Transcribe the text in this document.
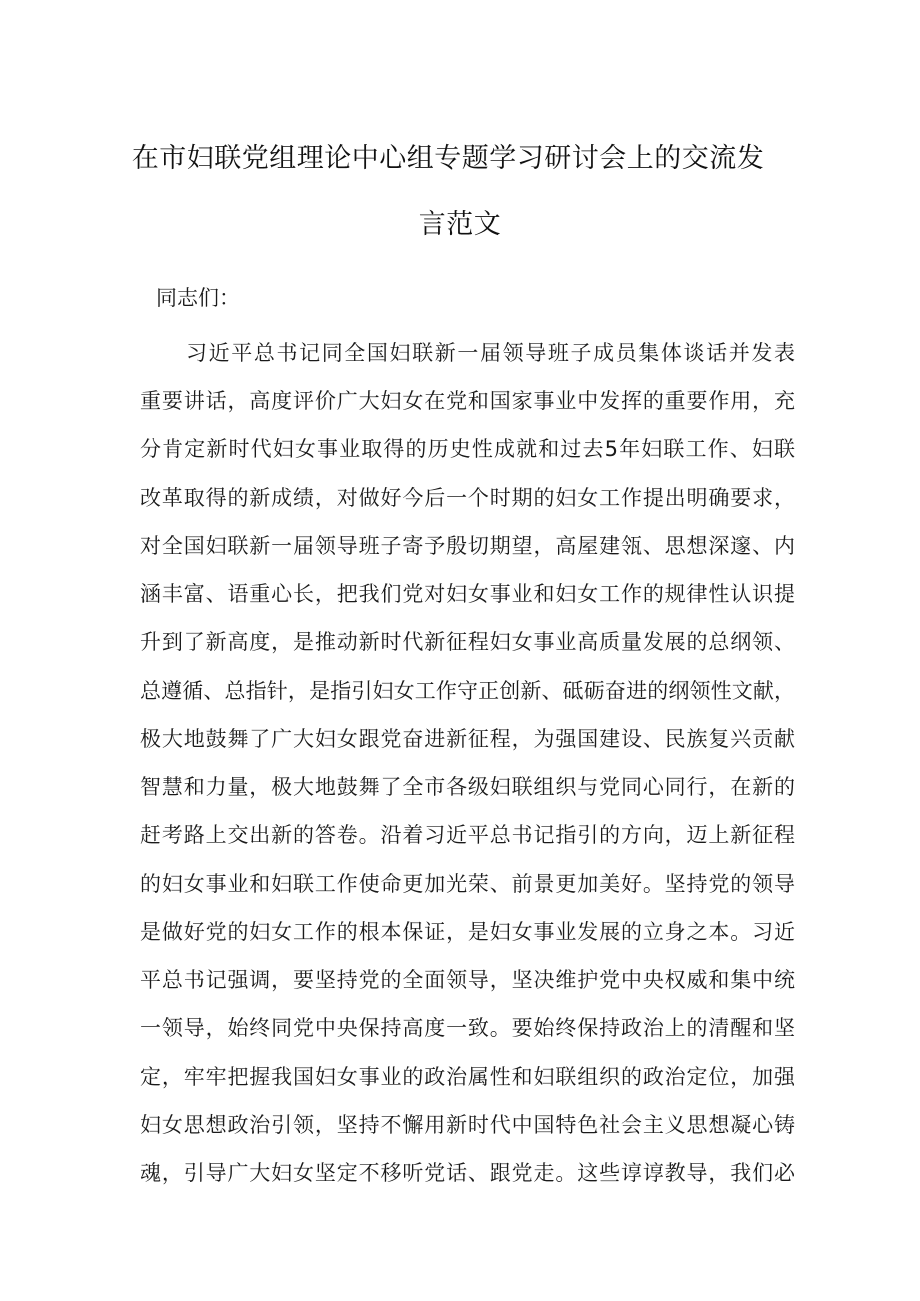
在市妇联党组理论中心组专题学习研讨会上的交流发
言范文
同志们：
习近平总书记同全国妇联新一届领导班子成员集体谈话并发表
重要讲话，高度评价广大妇女在党和国家事业中发挥的重要作用，充
分肯定新时代妇女事业取得的历史性成就和过去5年妇联工作、妇联
改革取得的新成绩，对做好今后一个时期的妇女工作提出明确要求，
对全国妇联新一届领导班子寄予殷切期望，高屋建瓴、思想深邃、内
涵丰富、语重心长，把我们党对妇女事业和妇女工作的规律性认识提
升到了新高度，是推动新时代新征程妇女事业高质量发展的总纲领、
总遵循、总指针，是指引妇女工作守正创新、砥砺奋进的纲领性文献，
极大地鼓舞了广大妇女跟党奋进新征程，为强国建设、民族复兴贡献
智慧和力量，极大地鼓舞了全市各级妇联组织与党同心同行，在新的
赶考路上交出新的答卷。沿着习近平总书记指引的方向，迈上新征程
的妇女事业和妇联工作使命更加光荣、前景更加美好。坚持党的领导
是做好党的妇女工作的根本保证，是妇女事业发展的立身之本。习近
平总书记强调，要坚持党的全面领导，坚决维护党中央权威和集中统
一领导，始终同党中央保持高度一致。要始终保持政治上的清醒和坚
定，牢牢把握我国妇女事业的政治属性和妇联组织的政治定位，加强
妇女思想政治引领，坚持不懈用新时代中国特色社会主义思想凝心铸
魂，引导广大妇女坚定不移听党话、跟党走。这些谆谆教导，我们必
